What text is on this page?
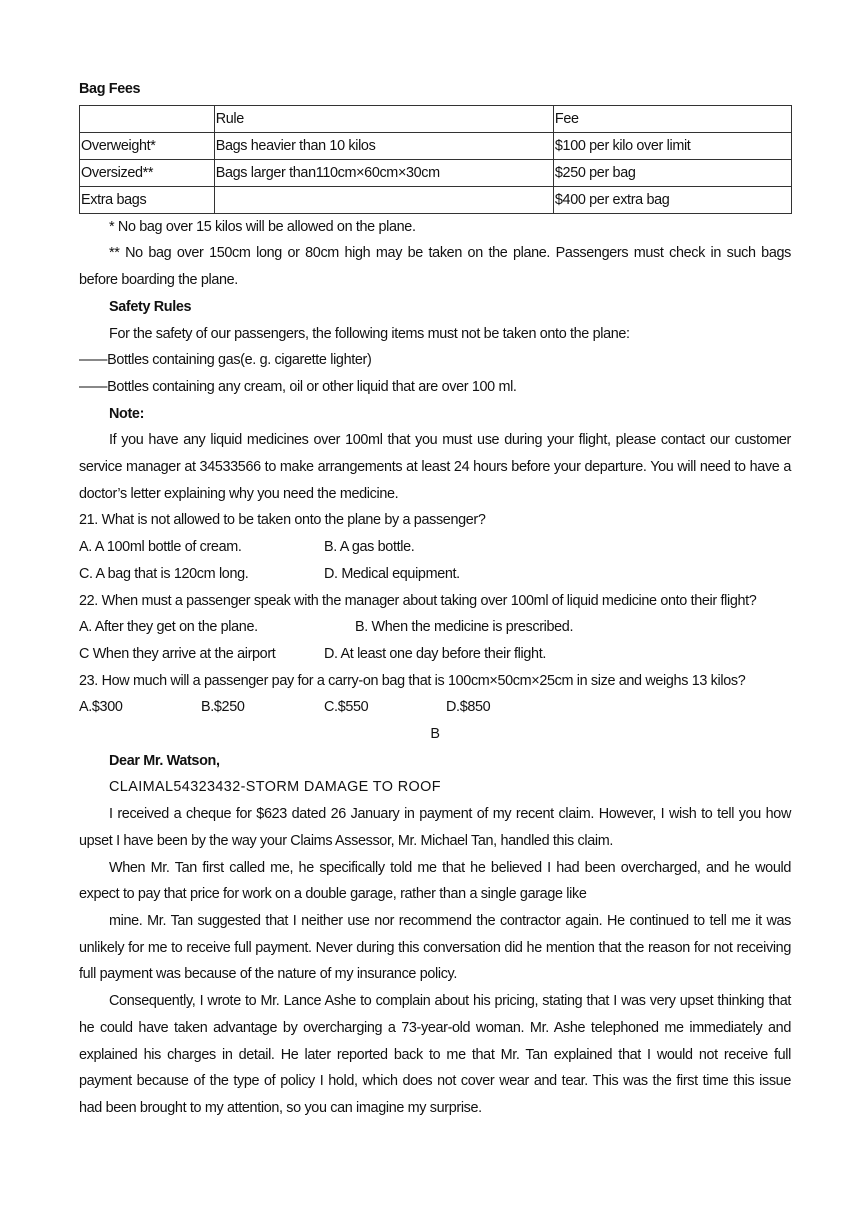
Bag Fees

	Rule	Fee
Overweight*	Bags heavier than 10 kilos	$100 per kilo over limit
Oversized**	Bags larger than110cm×60cm×30cm	$250 per bag
Extra bags		$400 per extra bag

* No bag over 15 kilos will be allowed on the plane.

** No bag over 150cm long or 80cm high may be taken on the plane. Passengers must check in such bags before boarding the plane.

Safety Rules

For the safety of our passengers, the following items must not be taken onto the plane:

——Bottles containing gas(e. g. cigarette lighter)

——Bottles containing any cream, oil or other liquid that are over 100 ml.

Note:

If you have any liquid medicines over 100ml that you must use during your flight, please contact our customer service manager at 34533566 to make arrangements at least 24 hours before your departure. You will need to have a doctor’s letter explaining why you need the medicine.

21. What is not allowed to be taken onto the plane by a passenger?

A. A 100ml bottle of cream.	B. A gas bottle.
C. A bag that is 120cm long.	D. Medical equipment.

22. When must a passenger speak with the manager about taking over 100ml of liquid medicine onto their flight?

A. After they get on the plane.	B. When the medicine is prescribed.
C When they arrive at the airport	D. At least one day before their flight.

23. How much will a passenger pay for a carry-on bag that is 100cm×50cm×25cm in size and weighs 13 kilos?

A.$300	B.$250	C.$550	D.$850

B

Dear Mr. Watson,

CLAIMAL54323432-STORM DAMAGE TO ROOF

I received a cheque for $623 dated 26 January in payment of my recent claim. However, I wish to tell you how upset I have been by the way your Claims Assessor, Mr. Michael Tan, handled this claim.

When Mr. Tan first called me, he specifically told me that he believed I had been overcharged, and he would expect to pay that price for work on a double garage, rather than a single garage like

mine. Mr. Tan suggested that I neither use nor recommend the contractor again. He continued to tell me it was unlikely for me to receive full payment. Never during this conversation did he mention that the reason for not receiving full payment was because of the nature of my insurance policy.

Consequently, I wrote to Mr. Lance Ashe to complain about his pricing, stating that I was very upset thinking that he could have taken advantage by overcharging a 73-year-old woman. Mr. Ashe telephoned me immediately and explained his charges in detail. He later reported back to me that Mr. Tan explained that I would not receive full payment because of the type of policy I hold, which does not cover wear and tear. This was the first time this issue had been brought to my attention, so you can imagine my surprise.
